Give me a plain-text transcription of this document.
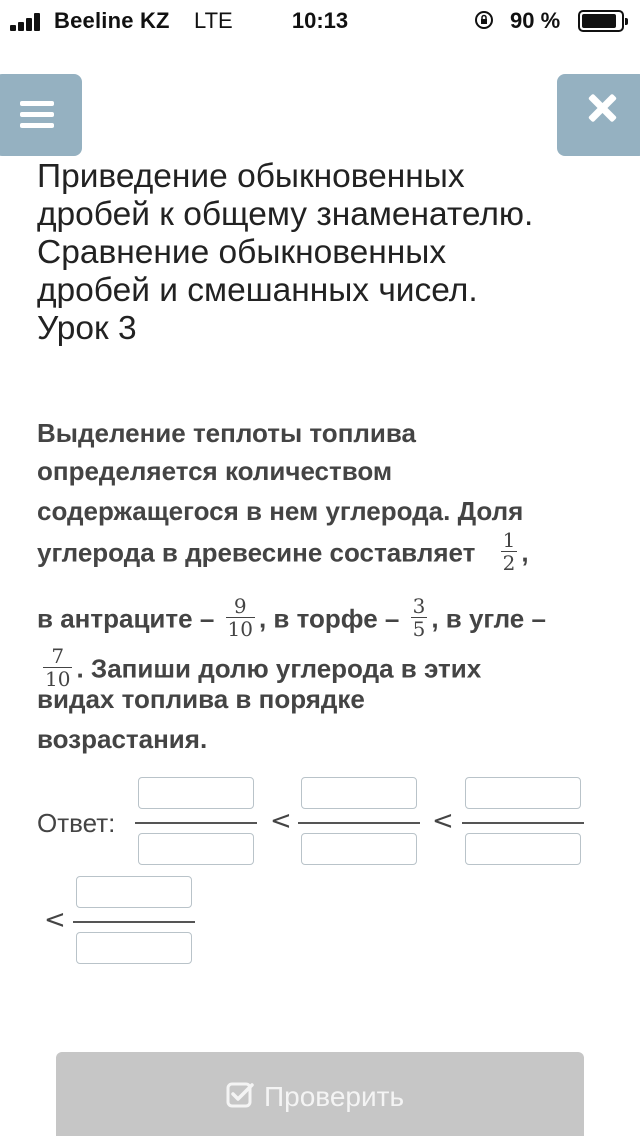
Beeline KZ LTE	10:13	90 %
Приведение обыкновенных
дробей к общему знаменателю.
Сравнение обыкновенных
дробей и смешанных чисел.
Урок 3
Выделение теплоты топлива
определяется количеством
содержащегося в нем углерода. Доля
углерода в древесине составляет $\frac{1}{2}$ ,
в антраците – $\frac{9}{10}$ , в торфе – $\frac{3}{5}$ , в угле –
$\frac{7}{10}$ . Запиши долю углерода в этих
видах топлива в порядке
возрастания.
Ответ:	<	<
<
Проверить
